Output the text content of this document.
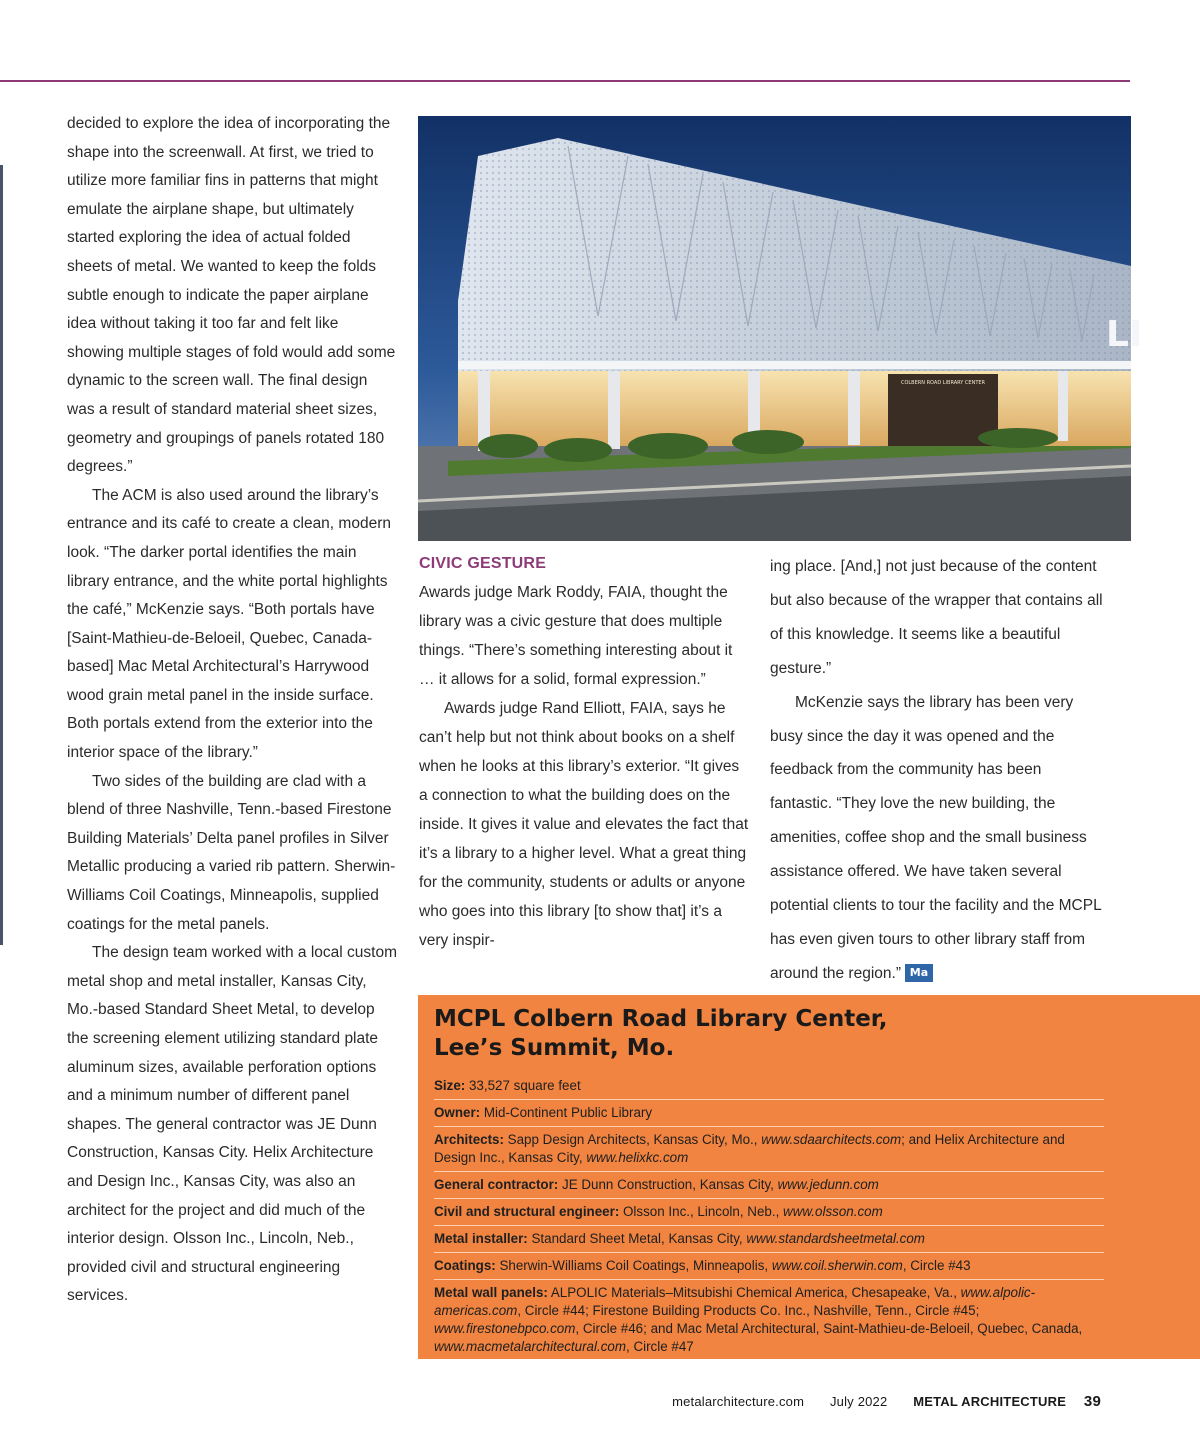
decided to explore the idea of incorporating the shape into the screenwall. At first, we tried to utilize more familiar fins in patterns that might emulate the airplane shape, but ultimately started exploring the idea of actual folded sheets of metal. We wanted to keep the folds subtle enough to indicate the paper airplane idea without taking it too far and felt like showing multiple stages of fold would add some dynamic to the screen wall. The final design was a result of standard material sheet sizes, geometry and groupings of panels rotated 180 degrees.”

The ACM is also used around the library’s entrance and its café to create a clean, modern look. “The darker portal identifies the main library entrance, and the white portal highlights the café,” McKenzie says. “Both portals have [Saint-Mathieu-de-Beloeil, Quebec, Canada-based] Mac Metal Architectural’s Harrywood wood grain metal panel in the inside surface. Both portals extend from the exterior into the interior space of the library.”

Two sides of the building are clad with a blend of three Nashville, Tenn.-based Firestone Building Materials’ Delta panel profiles in Silver Metallic producing a varied rib pattern. Sherwin-Williams Coil Coatings, Minneapolis, supplied coatings for the metal panels.

The design team worked with a local custom metal shop and metal installer, Kansas City, Mo.-based Standard Sheet Metal, to develop the screening element utilizing standard plate aluminum sizes, available perforation options and a minimum number of different panel shapes. The general contractor was JE Dunn Construction, Kansas City. Helix Architecture and Design Inc., Kansas City, was also an architect for the project and did much of the interior design. Olsson Inc., Lincoln, Neb., provided civil and structural engineering services.

COLBERN ROAD LIBRARY CENTER
LI
CIVIC GESTURE

Awards judge Mark Roddy, FAIA, thought the library was a civic gesture that does multiple things. “There’s something interesting about it … it allows for a solid, formal expression.”

Awards judge Rand Elliott, FAIA, says he can’t help but not think about books on a shelf when he looks at this library’s exterior. “It gives a connection to what the building does on the inside. It gives it value and elevates the fact that it’s a library to a higher level. What a great thing for the community, students or adults or anyone who goes into this library [to show that] it’s a very inspir-

ing place. [And,] not just because of the content but also because of the wrapper that contains all of this knowledge. It seems like a beautiful gesture.”

McKenzie says the library has been very busy since the day it was opened and the feedback from the community has been fantastic. “They love the new building, the amenities, coffee shop and the small business assistance offered. We have taken several potential clients to tour the facility and the MCPL has even given tours to other library staff from around the region.” Ma

MCPL Colbern Road Library Center,
Lee’s Summit, Mo.
Size: 33,527 square feet
Owner: Mid-Continent Public Library
Architects: Sapp Design Architects, Kansas City, Mo., www.sdaarchitects.com; and Helix Architecture and Design Inc., Kansas City, www.helixkc.com
General contractor: JE Dunn Construction, Kansas City, www.jedunn.com
Civil and structural engineer: Olsson Inc., Lincoln, Neb., www.olsson.com
Metal installer: Standard Sheet Metal, Kansas City, www.standardsheetmetal.com
Coatings: Sherwin-Williams Coil Coatings, Minneapolis, www.coil.sherwin.com, Circle #43
Metal wall panels: ALPOLIC Materials–Mitsubishi Chemical America, Chesapeake, Va., www.alpolic-americas.com, Circle #44; Firestone Building Products Co. Inc., Nashville, Tenn., Circle #45; www.firestonebpco.com, Circle #46; and Mac Metal Architectural, Saint-Mathieu-de-Beloeil, Quebec, Canada, www.macmetalarchitectural.com, Circle #47
metalarchitecture.com July 2022 METAL ARCHITECTURE 39
